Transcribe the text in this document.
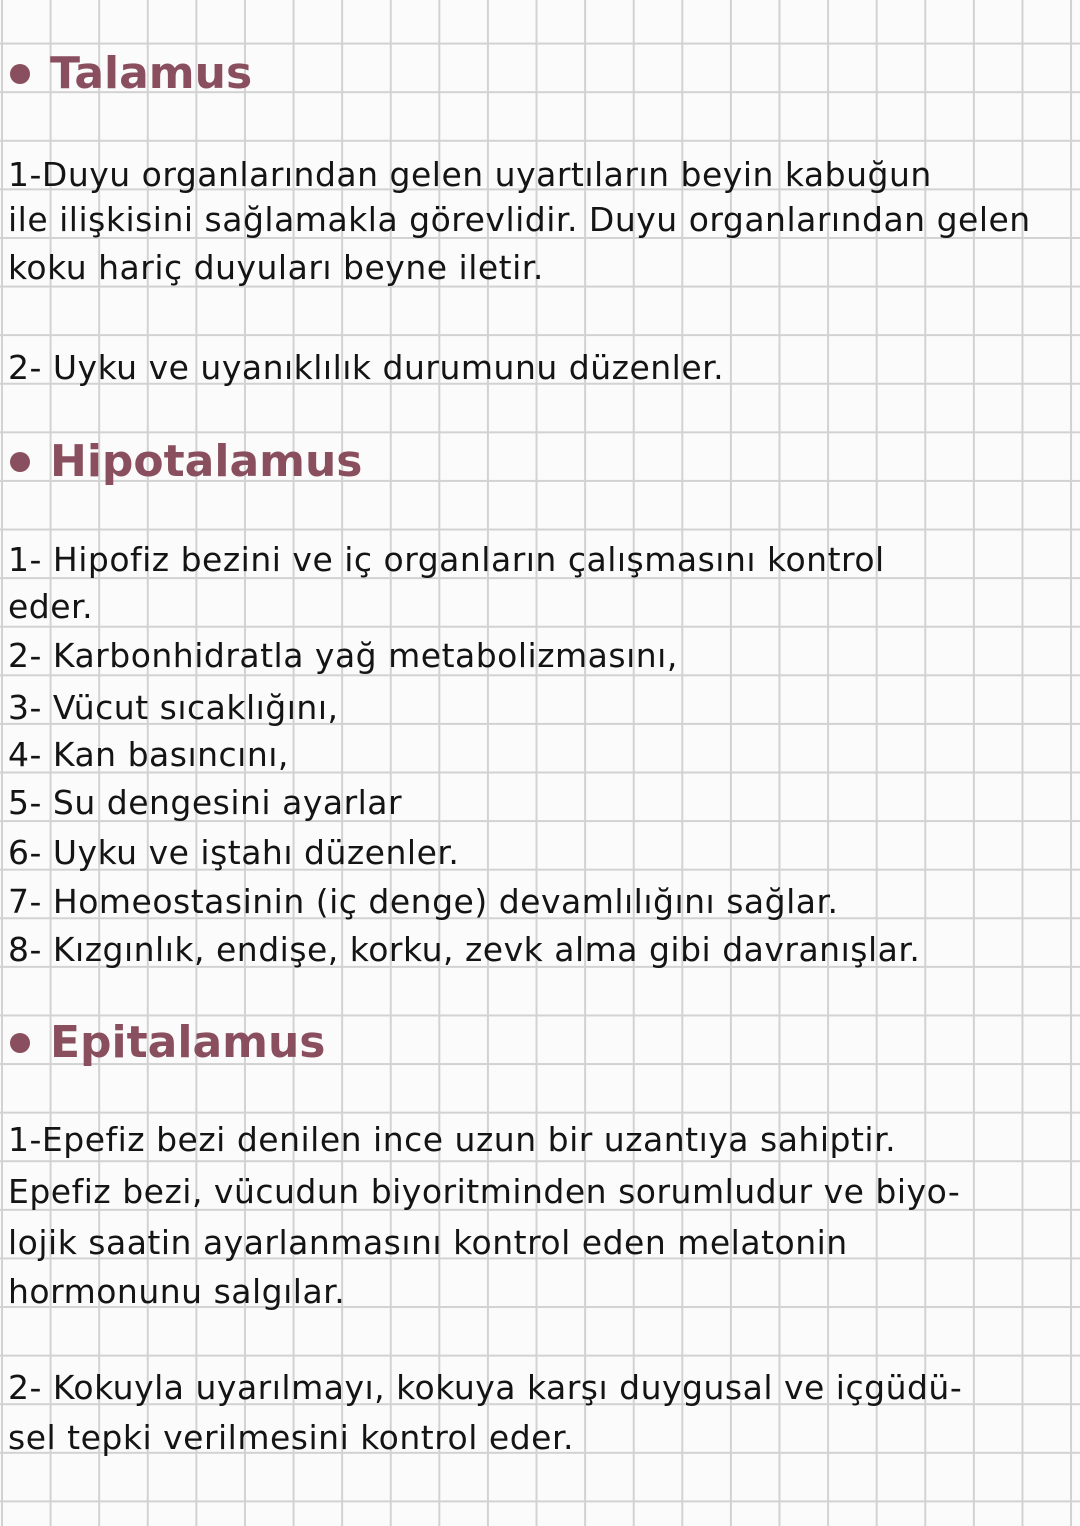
Talamus
1-Duyu organlarından gelen uyartıların beyin kabuğun
ile ilişkisini sağlamakla görevlidir. Duyu organlarından gelen
koku hariç duyuları beyne iletir.
2- Uyku ve uyanıklılık durumunu düzenler.
Hipotalamus
1- Hipofiz bezini ve iç organların çalışmasını kontrol
eder.
2- Karbonhidratla yağ metabolizmasını,
3- Vücut sıcaklığını,
4- Kan basıncını,
5- Su dengesini ayarlar
6- Uyku ve iştahı düzenler.
7- Homeostasinin (iç denge) devamlılığını sağlar.
8- Kızgınlık, endişe, korku, zevk alma gibi davranışlar.
Epitalamus
1-Epefiz bezi denilen ince uzun bir uzantıya sahiptir.
Epefiz bezi, vücudun biyoritminden sorumludur ve biyo-
lojik saatin ayarlanmasını kontrol eden melatonin
hormonunu salgılar.
2- Kokuyla uyarılmayı, kokuya karşı duygusal ve içgüdü-
sel tepki verilmesini kontrol eder.
